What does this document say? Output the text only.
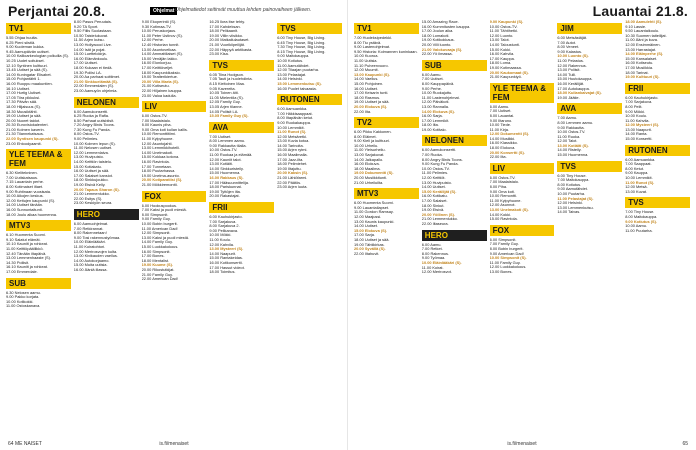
Perjantai 20.8.	Ohjelmat Ohjelmatiedot seitinvät muuttua lehden painovaiheen jälkeen.
TV1
5.55 Ohjaa huulta.
6.25 Pieni siistiä.
9.00 Kuoleman kukka.
9.45 Aamupäivän uutiset.
10.00 Kallioarkeologian polkuilla (S).
10.25 Uudet soitukset.
12.10 Syntinen kulttuuri.
13.45 Uutiset ja sää (S).
14.00 Kuningatar Elisabet.
15.00 Pohjantähti 1.
16.00 Ruoppu maakuntien.
16.10 Uutiset.
17.00 Hurtig Uutiset.
17.05 Tiira pikkuksi.
17.30 Päivän sää.
18.00 Hiljaisuus (S).
18.30 Muusiktähti.
19.00 Uutiset ja sää.
20.00 Nuoret taidot.
20.30 Eurovisiokalenteri.
21.00 Kolmen kaverin.
21.30 Tilannekatsaus.
22.00 Syntisen kaupunki (S).
23.00 Ehtoodyaamit.
YLE TEEMA & FEM
6.30 Kielitekninen.
7.00 Uutiskatsaus.
7.15 Lauantain perhe.
8.00 Kotimaiset iltaet.
9.00 Ruhtinaan vuosisata.
10.00 Aikojen keskus.
12.00 Kettujen kaupunki (S).
14.00 Uutiset tänään.
16.00 Sunnuntaitunti.
18.00 Joulu alkaa huomenna.
MTV3
6.10 Huomenta Suomi.
9.10 Salatut elämät.
10.10 Kauniit ja rohkeat.
11.00 Keittiöpäällikkö.
12.40 Tänään iltapäivä.
13.00 Lemmenhaaste (S).
14.30 Poliisit.
16.10 Kauniit ja rohkeat.
17.00 Emmerdale.
SUB
6.30 Nelosen aamu.
9.00 Pakko korjata.
10.00 Kotikokki.
11.00 Ostoskanava.
8.00 Pasus Peruutais.
9.20 TA Sport.
9.50 Fiilis Suolastaan.
10.50 Taistelukuvat.
11.50 Arjen kutsu.
13.00 Hollywood Live.
14.00 Isät ja pojat.
15.00 Luettelokirja.
16.00 Elämänkoulu.
17.00 Uutiset.
18.00 Kukaan ei tiedä.
19.30 Poliisi LA.
20.00 Aa parhaat soittimet.
21.00 Sinkkuelämää (S).
22.00 Emmerdalen (S).
23.00 Aamuyön ohjelmia.
NELONEN
6.00 Aamukonsertti.
6.25 Ruoka ja Rafla.
6.50 Parhaat uutisbiisit.
7.20 Angry Birds Toons.
7.30 Kung Fu Panda.
8.00 Ostos-TV.
9.00 Pelimies.
10.00 Kolmen lepun (S).
11.00 Nelosen uutiset.
12.00 Lemmenlaiva.
13.00 Huvipuisto.
14.00 Keittiön taistelu.
15.00 Kotiakatu.
16.00 Uutiset ja sää.
17.00 Salaiset kansiot.
18.00 Sinkkujoukko.
19.00 Etsivä Kelly.
20.00 Tapaus Sharon (S).
21.00 Lemmenlukko.
22.00 Esitys (S).
23.00 Keskiyön seura.
HERO
6.00 Aamuohjelmat.
7.00 Retkirannat.
8.00 Rakennetaan!
9.00 Tosi rakennustyömaa.
10.00 Eläinlääkäri.
11.00 Koiratohtori.
12.00 Merirosvojen kulta.
13.00 Kivikauden vaellus.
14.00 Autokorjaamo.
15.00 Muita uutisia.
16.00 Ääniä illassa.
9.00 Ekoperintö (S).
9.30 Kotimaa-TV.
10.00 Peruskorjaus.
11.00 Peter Ustinov (S).
12.00 Perhe.
12.40 Historian tunnit.
13.00 Asuntovelkaa.
14.00 Ammattilaiset (S).
15.00 Venäjän lakko.
16.00 Elonkorjuu.
17.00 Keittiöveljet.
18.00 Kaupunkikaksio.
19.00 Teatterikiertue.
20.00 Villa Maria (S).
21.00 Kotiseutu.
22.00 Hiljainen kauppa.
23.00 Valoa kadulla.
LIV
6.00 Ostos-TV.
7.00 Maalaistalo.
8.00 Kaunis piha.
9.00 Oma koti kullan kallis.
10.00 Remonttitiimi.
11.00 Kylpyhuone.
12.00 Asuntojahti.
13.00 Lemmikkihotelli.
14.00 Unelmakoti.
15.00 Kokkaa kotona.
16.00 Ravintola.
17.00 Tunnetaan.
18.00 Puutarhassa.
19.00 Unelma-asunto.
20.00 Kotiparatiisi (S).
21.00 Mökkiremontti.
FOX
6.00 Hookuspookus.
7.00 Kaksi ja puoli miestä.
8.00 Simpsonit.
9.00 Family Guy.
10.00 Bobin burgerit.
11.00 American Dad!
12.00 Simpsonit.
13.00 Kaksi ja puoli miestä.
14.00 Family Guy.
15.00 Luokkakokous.
16.00 Simpsonit.
17.00 Bones.
18.00 Mentalist.
19.00 Kuume (S).
20.00 Rikostutkijat.
21.00 Family Guy.
22.00 American Dad!
16.25 Ikea itse tehty.
17.00 Kahdeksan.
18.00 Pelikaanit.
19.00 Villin viisikko.
20.00 Matkailulautaset.
21.00 Vuorikiipeilijät.
22.00 Häppyä arktikasta.
23.00 Kisa.
TVS
6.05 Tiina Hodgson.
7.05 Tauti ja huolehdinta.
8.15 Kieltoinen Maa.
9.05 Kavereita.
10.05 Toinen äiti.
11.05 Mielentila (S).
12.05 Family Guy.
13.05 Arjen tilanne.
14.05 Poliisit LA.
15.05 Family Guy (S).
AVA
7.00 Uutiset.
8.00 Lemmen aamu.
9.00 Rakkautta tilalla.
10.00 Ostos-TV.
11.00 Ruokaa ja elämää.
12.00 Kauniit talot.
13.00 Kotiäiti.
14.00 Sinkkuristeily.
15.00 Huomenna.
16.00 Rakkaus (S).
17.00 Hääsuunnittelija.
18.00 Pariskunnat.
19.00 Tyttöjen ilta.
20.00 Rakastajat.
FRII
6.00 Kauhukirjasto.
7.00 Sarjakuva.
8.00 Sarjakuva 2.
9.00 Pelikanava.
10.00 Mökki.
11.00 Koulu.
12.00 Kahvila.
13.00 Mysteeri (S).
14.00 Naapurit.
15.00 Rantakeidas.
16.00 Kotikonsertti.
17.00 Hassut videot.
18.00 Toimitus.
TVS
6.00 Tiny House, Big Living.
6.45 Tiny House, Big Living.
7.30 Tiny House, Big Living.
8.15 Tiny House, Big Living.
9.00 Maitokauppa.
10.00 Kotiutus.
11.00 Aamutähdet.
12.00 Tilaajan puutarha.
13.00 Pelastajat.
14.00 Helsinki.
15.00 Lemmenkutsu (S).
16.00 Puolet taivaasta.
RUTONEN
6.00 Aamuankka.
7.00 Häkkisaappaat.
8.00 Iltapäivän ketut.
9.00 Ruokakauppa.
10.00 Lemmikit.
11.00 Runot (S).
12.00 Metsäretki.
13.00 Kuvia kotoa.
14.00 Tarinoita.
15.00 Arjen rytmi.
16.00 Maailmalla.
17.00 Jazz-ilta.
18.00 Pelimiehet.
19.00 Iltajuttu.
20.00 Kaksin (S).
21.00 Lähiöfarmi.
22.00 Päätös.
23.00 Arjen luuta.
64 ME NAISET	is.fi/menaiset
Lauantai 21.8.
TV1
7.00 Huoleksipedekki.
8.00 Tiu ystävä.
9.00 Lastenohjelmat.
9.50 Historia: Kolmannen kuninkaan.
10.00 Kuoroa.
11.00 Uutisia.
11.10 Puheenvuoro.
12.00 Muumit.
13.00 Kaupunki (S).
14.00 Vaellus.
15.00 Pohjoinen.
16.00 Uutiset.
17.00 Keisarin tunti.
18.00 Rasmus.
19.00 Uutiset ja sää.
20.00 Elokuva (S).
22.00 Ilta.
TV2
6.00 Pikku Kakkonen.
8.00 Eläimet.
9.00 Kieli ja kulttuuri.
10.00 Urheilu.
11.00 Yleisurheilu.
13.00 Sarjakuvat.
14.00 Jalkapallo.
16.00 Elokuva.
18.00 Maailma.
19.00 Dokumentti (S).
20.00 Musiikkitunti.
21.00 Urheiluilta.
MTV3
6.00 Huomenta Suomi.
9.00 Lauantailapset.
11.00 Gordon Ramsay.
12.00 Maajussi.
13.00 Kaunis kaupunki.
14.00 Uutiset.
15.00 Elokuva (S).
17.00 Sarja.
18.00 Uutiset ja sää.
19.00 Tähtikirkas.
20.00 Syvällä (S).
22.00 Iltahuvit.
15.00 Amazing Race.
16.00 Kummitusten kauppa.
17.00 Joulun aika.
18.00 Lomakoti.
19.00 Kotikokkaus.
20.00 Villi luonto.
21.00 Valokuvaaja (S).
22.00 Yö ilmassa.
SUB
6.00 Aamu.
7.00 Uutiset.
8.00 Kauppapäivä.
9.00 Perhe.
10.00 Ruokajuttu.
11.00 Lastenohjelmat.
12.00 Päiväkoti.
13.00 Rannalla.
14.00 Elokuva (S).
16.00 Sarja.
17.00 Lemmikit.
18.00 Ilta.
19.00 Kotitalo.
NELONEN
6.00 Aamukonsertti.
7.00 Ruoka.
8.00 Angry Birds Toons.
9.00 Kung Fu Panda.
10.00 Ostos-TV.
11.00 Pelimies.
12.00 Keittiöt.
13.00 Huvipuisto.
14.00 Uutiset.
15.00 Keräilijät (S).
16.00 Kotikatu.
17.00 Salaiset.
18.00 Sinkut.
19.00 Etsivä.
20.00 Yöllinen (S).
21.00 Lemmenlukko.
22.00 Iltaseura.
HERO
6.00 Aamu.
7.00 Retket.
8.00 Rakennus.
9.00 Työmaa.
10.00 Eläinlääkäri (S).
11.00 Koirat.
12.00 Merirosvot.
9.00 Kaupunki (S).
10.00 Ostos-TV.
11.00 Tähtihetki.
12.00 Luonto.
13.00 Talot.
14.00 Taloustunti.
15.00 Kokki.
16.00 Kahvila.
17.00 Kauppa.
18.00 Loma.
19.00 Kotimaassa.
20.00 Kaukomaat (S).
21.00 Kaupunkiyö.
YLE TEEMA & FEM
6.00 Aamu.
7.00 Uutiset.
8.00 Lauantai.
9.00 Iltaruno.
10.00 Tiede.
11.00 Kirja.
12.00 Dokumentti (S).
14.00 Musiikki.
16.00 Klassikko.
18.00 Elokuva.
20.00 Konsertti (S).
22.00 Ilta.
LIV
6.00 Ostos-TV.
7.00 Maalaistalo.
8.00 Piha.
9.00 Oma koti.
10.00 Remontti.
11.00 Kylpyhuone.
12.00 Asunnot.
13.00 Unelmakoti (S).
14.00 Kokki.
15.00 Ravintola.
FOX
6.00 Simpsonit.
7.00 Family Guy.
8.00 Bobin burgerit.
9.00 American Dad!
10.00 Simpsonit (S).
11.00 Family Guy.
12.00 Luokkakokous.
13.00 Bones.
JIM
6.00 Metsästäjät.
7.00 Autot.
8.00 Veneet.
9.00 Kalastus.
10.00 Luonto (S).
11.00 Pelastus.
12.00 Rakennus.
13.00 Poliisit.
14.00 Tulli.
15.00 Huutokauppa.
16.00 Keräilijät.
17.00 Autokauppa.
18.00 Kullankaivajat (S).
19.00 Jäätie.
AVA
7.00 Aamu.
8.00 Lemmen aamu.
9.00 Rakkautta.
10.00 Ostos-TV.
11.00 Ruoka.
12.00 Talot.
13.00 Kotiäiti (S).
14.00 Risteily.
15.00 Huomenna.
TVS
6.00 Tiny House.
7.00 Maitokauppa.
8.00 Kotiutus.
9.00 Aamutähdet.
10.00 Puutarha.
11.00 Pelastajat (S).
12.00 Helsinki.
13.00 Lemmenkutsu.
14.00 Taivas.
18.00 Aamulehti (S).
9.10 Lassie.
9.50 Lauantaikoulu.
10.30 Suomen taiteilijat.
11.00 Ääni ja kuva.
12.00 Ensimmäinen.
13.00 Harrastajat.
14.00 Eläinperhe (S).
15.00 Kansalaiset.
16.00 Kotiseutu.
17.00 Musiikkia.
18.00 Tarinat.
19.00 Kulttuuri (S).
FRII
6.00 Kauhukirjasto.
7.00 Sarjakuva.
8.00 Pelit.
9.00 Mökki.
10.00 Koulu.
11.00 Kahvila.
12.00 Mysteeri (S).
13.00 Naapurit.
14.00 Ranta.
15.00 Konsertti.
RUTONEN
6.00 Aamuankka.
7.00 Saappaat.
8.00 Ketut.
9.00 Kauppa.
10.00 Lemmikit.
11.00 Runot (S).
12.00 Metsä.
13.00 Kuvat.
TVS
7.00 Tiny House.
8.00 Maitokauppa.
9.00 Kotiutus (S).
10.00 Aamu.
11.00 Puutarha.
is.fi/menaiset	65
